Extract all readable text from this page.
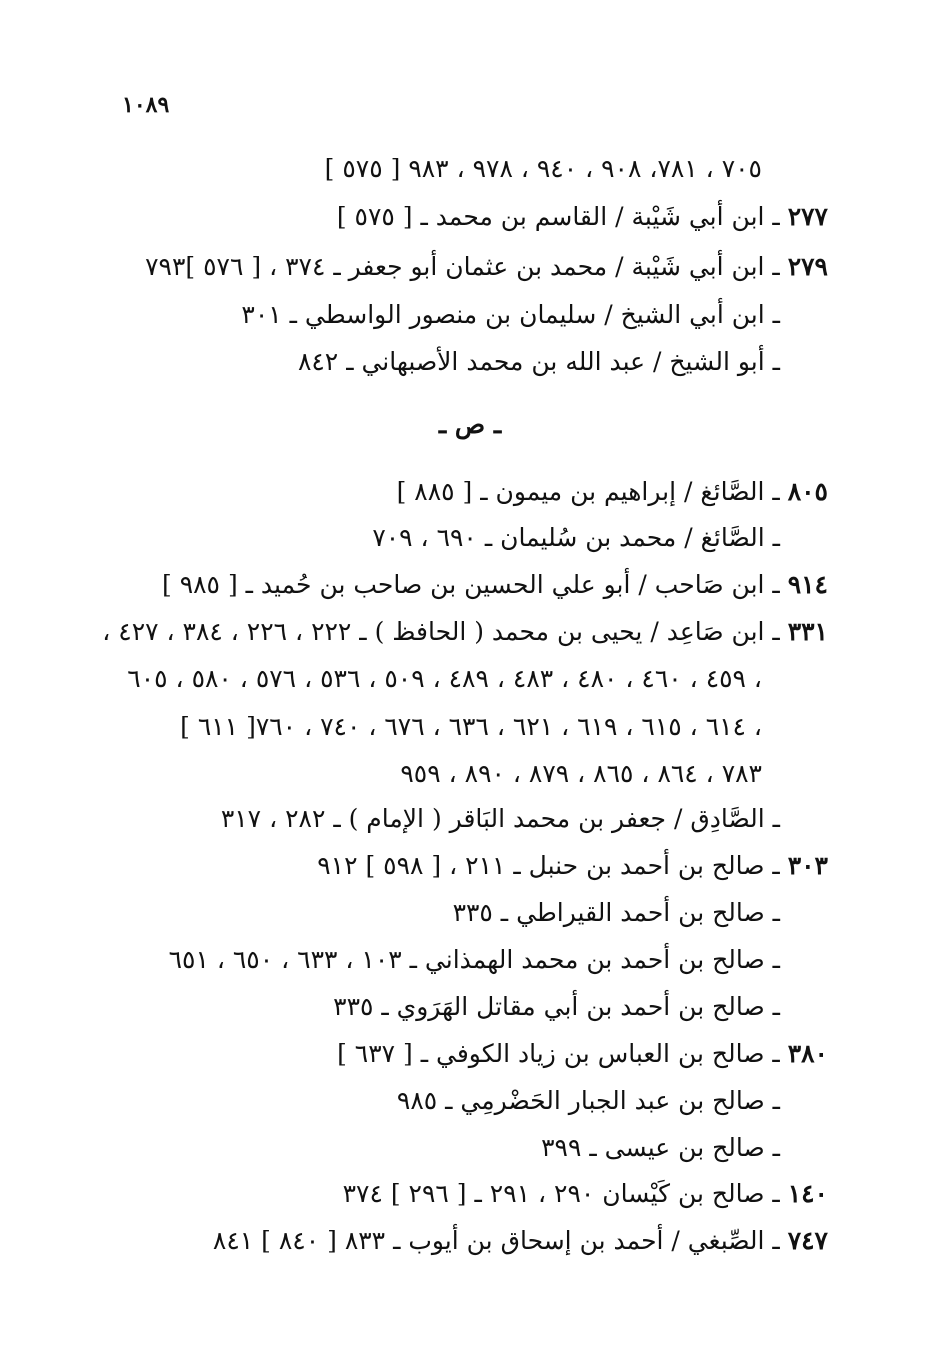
١٠٨٩
[ ٥٧٥ ] ٧٠٥ ، ٧٨١، ٩٠٨ ، ٩٤٠ ، ٩٧٨ ، ٩٨٣
٢٧٧ ـ ابن أبي شَيْبة / القاسم بن محمد ـ [ ٥٧٥ ]
٢٧٩ ـ ابن أبي شَيْبة / محمد بن عثمان أبو جعفر ـ ٣٧٤ ، [ ٥٧٦ ]٧٩٣
ـ ابن أبي الشيخ / سليمان بن منصور الواسطي ـ ٣٠١
ـ أبو الشيخ / عبد الله بن محمد الأصبهاني ـ ٨٤٢
ـ ص ـ
٨٠٥ ـ الصَّائغ / إبراهيم بن ميمون ـ [ ٨٨٥ ]
ـ الصَّائغ / محمد بن سُليمان ـ ٦٩٠ ، ٧٠٩
٩١٤ ـ ابن صَاحب / أبو علي الحسين بن صاحب بن حُميد ـ [ ٩٨٥ ]
٣٣١ ـ ابن صَاعِد / يحيى بن محمد ( الحافظ ) ـ ٢٢٢ ، ٢٢٦ ، ٣٨٤ ، ٤٢٧ ،
٤٥٩ ، ٤٦٠ ، ٤٨٠ ، ٤٨٣ ، ٤٨٩ ، ٥٠٩ ، ٥٣٦ ، ٥٧٦ ، ٥٨٠ ، ٦٠٥ ،
[ ٦١١ ]٦١٤ ، ٦١٥ ، ٦١٩ ، ٦٢١ ، ٦٣٦ ، ٦٧٦ ، ٧٤٠ ، ٧٦٠ ،
٧٨٣ ، ٨٦٤ ، ٨٦٥ ، ٨٧٩ ، ٨٩٠ ، ٩٥٩
ـ الصَّادِق / جعفر بن محمد البَاقر ( الإمام ) ـ ٢٨٢ ، ٣١٧
٣٠٣ ـ صالح بن أحمد بن حنبل ـ ٢١١ ، [ ٥٩٨ ] ٩١٢
ـ صالح بن أحمد القيراطي ـ ٣٣٥
ـ صالح بن أحمد بن محمد الهمذاني ـ ١٠٣ ، ٦٣٣ ، ٦٥٠ ، ٦٥١
ـ صالح بن أحمد بن أبي مقاتل الهَرَوي ـ ٣٣٥
٣٨٠ ـ صالح بن العباس بن زياد الكوفي ـ [ ٦٣٧ ]
ـ صالح بن عبد الجبار الحَضْرمِي ـ ٩٨٥
ـ صالح بن عيسى ـ ٣٩٩
١٤٠ ـ صالح بن كَيْسان ٢٩٠ ، ٢٩١ ـ [ ٢٩٦ ] ٣٧٤
٧٤٧ ـ الصِّبغي / أحمد بن إسحاق بن أيوب ـ ٨٣٣ [ ٨٤٠ ] ٨٤١
